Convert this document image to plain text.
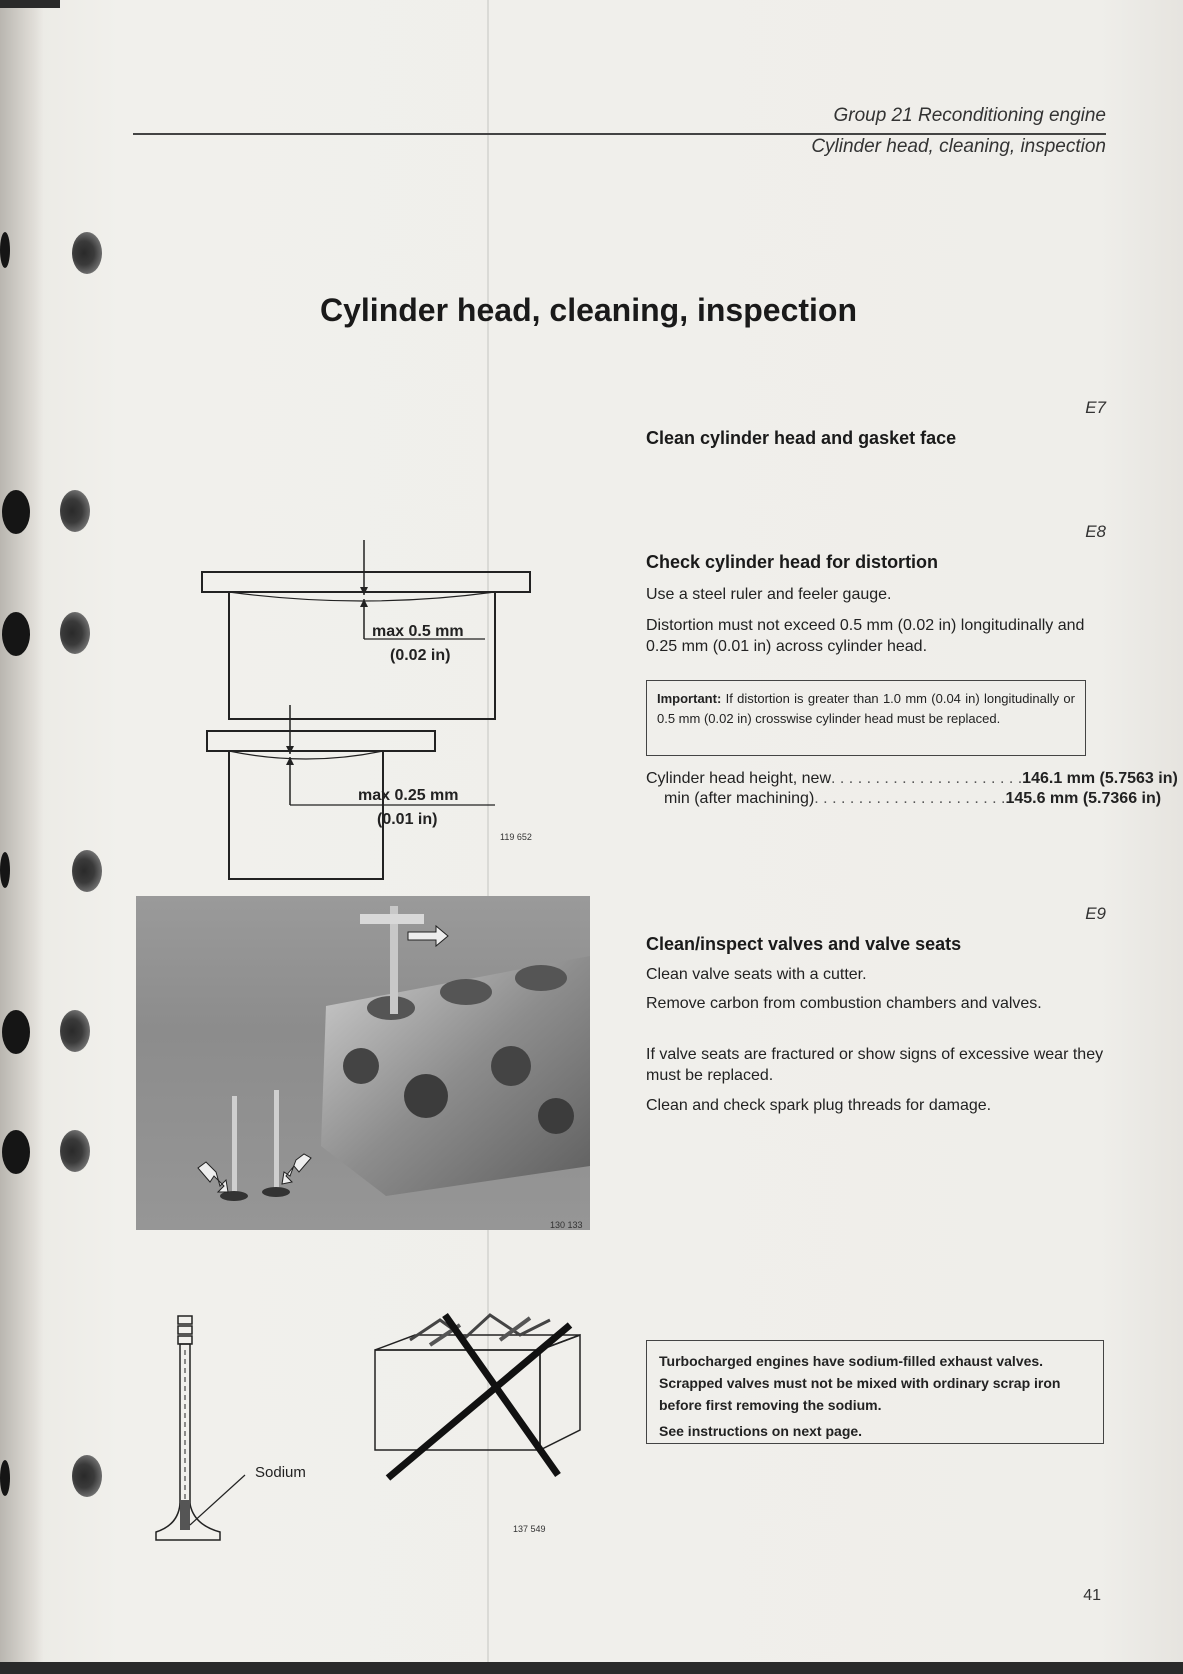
Group 21 Reconditioning engine
Cylinder head, cleaning, inspection
Cylinder head, cleaning, inspection
E7
Clean cylinder head and gasket face
E8
Check cylinder head for distortion
Use a steel ruler and feeler gauge.
Distortion must not exceed 0.5 mm (0.02 in) longitudinally and 0.25 mm (0.01 in) across cylinder head.
Important: If distortion is greater than 1.0 mm (0.04 in) longitudinally or 0.5 mm (0.02 in) crosswise cylinder head must be replaced.
Cylinder head height, new . . . . . . . . . . . . . . . . . . . . . . 146.1 mm (5.7563 in)
min (after machining) . . . . . . . . . . . . . . . . . . . . . . 145.6 mm (5.7366 in)
E9
Clean/inspect valves and valve seats
Clean valve seats with a cutter.
Remove carbon from combustion chambers and valves.
If valve seats are fractured or show signs of excessive wear they must be replaced.
Clean and check spark plug threads for damage.
Turbocharged engines have sodium-filled exhaust valves. Scrapped valves must not be mixed with ordinary scrap iron before first removing the sodium.
See instructions on next page.
max 0.5 mm
(0.02 in)
max 0.25 mm
(0.01 in)
119 652
130 133
Sodium
137 549
41
